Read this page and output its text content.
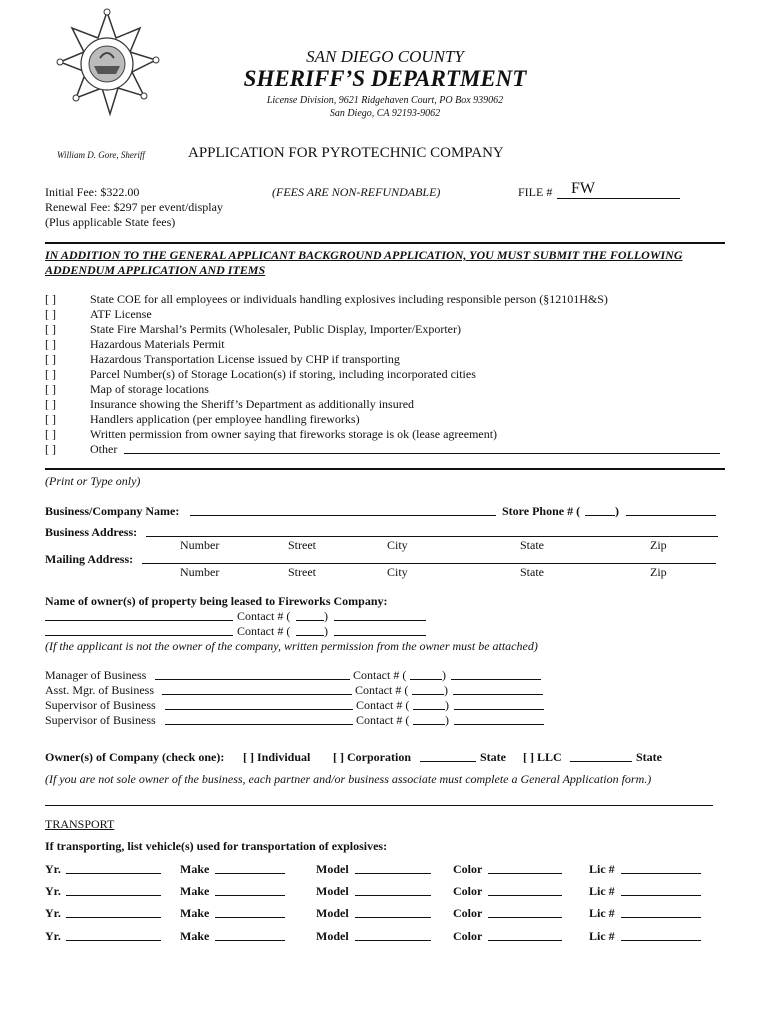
SAN DIEGO COUNTY
SHERIFF’S DEPARTMENT
License Division, 9621 Ridgehaven Court, PO Box 939062
San Diego, CA 92193-9062
William D. Gore, Sheriff	APPLICATION FOR PYROTECHNIC COMPANY
Initial Fee: $322.00
Renewal Fee: $297 per event/display
(Plus applicable State fees)
(FEES ARE NON-REFUNDABLE)	FILE # FW
IN ADDITION TO THE GENERAL APPLICANT BACKGROUND APPLICATION, YOU MUST SUBMIT THE FOLLOWING
ADDENDUM APPLICATION AND ITEMS
[ ]	State COE for all employees or individuals handling explosives including responsible person (§12101H&S)
[ ]	ATF License
[ ]	State Fire Marshal’s Permits (Wholesaler, Public Display, Importer/Exporter)
[ ]	Hazardous Materials Permit
[ ]	Hazardous Transportation License issued by CHP if transporting
[ ]	Parcel Number(s) of Storage Location(s) if storing, including incorporated cities
[ ]	Map of storage locations
[ ]	Insurance showing the Sheriff’s Department as additionally insured
[ ]	Handlers application (per employee handling fireworks)
[ ]	Written permission from owner saying that fireworks storage is ok (lease agreement)
[ ]	Other
(Print or Type only)
Business/Company Name:	Store Phone # (	)
Business Address:
Number	Street	City	State	Zip
Mailing Address:
Number	Street	City	State	Zip
Name of owner(s) of property being leased to Fireworks Company:
Contact # (	)
Contact # (	)
(If the applicant is not the owner of the company, written permission from the owner must be attached)
Manager of Business	Contact # (	)
Asst. Mgr. of Business	Contact # (	)
Supervisor of Business	Contact # (	)
Supervisor of Business	Contact # (	)
Owner(s) of Company (check one): [ ] Individual [ ] Corporation	State [ ] LLC	State
(If you are not sole owner of the business, each partner and/or business associate must complete a General Application form.)
TRANSPORT
If transporting, list vehicle(s) used for transportation of explosives:
Yr.	Make	Model	Color	Lic #
Yr.	Make	Model	Color	Lic #
Yr.	Make	Model	Color	Lic #
Yr.	Make	Model	Color	Lic #
